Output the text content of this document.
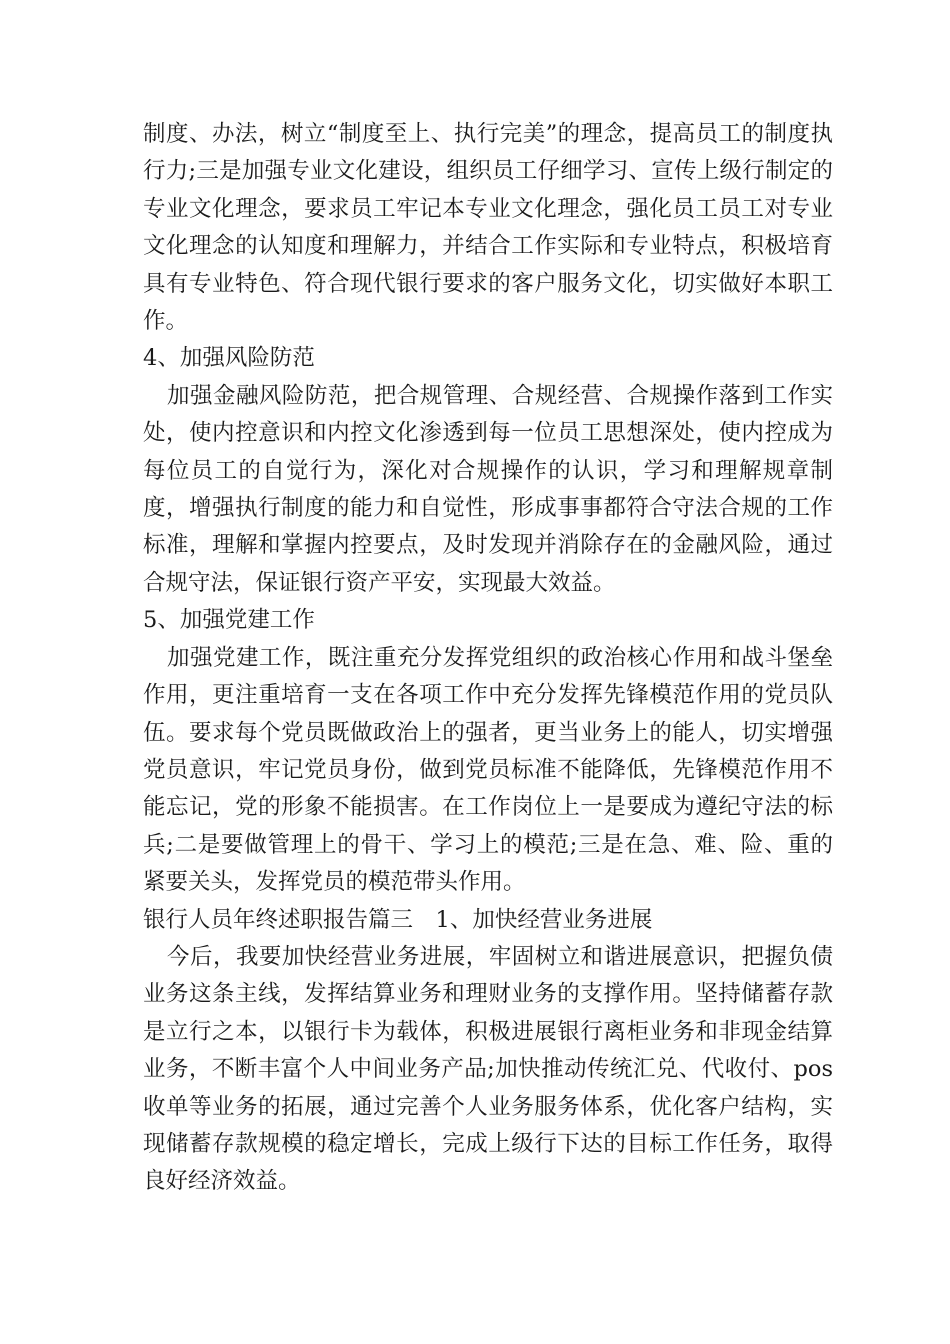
制度、办法，树立“制度至上、执行完美”的理念，提高员工的制度执行力;三是加强专业文化建设，组织员工仔细学习、宣传上级行制定的专业文化理念，要求员工牢记本专业文化理念，强化员工员工对专业文化理念的认知度和理解力，并结合工作实际和专业特点，积极培育具有专业特色、符合现代银行要求的客户服务文化，切实做好本职工作。

4、加强风险防范

加强金融风险防范，把合规管理、合规经营、合规操作落到工作实处，使内控意识和内控文化渗透到每一位员工思想深处，使内控成为每位员工的自觉行为，深化对合规操作的认识，学习和理解规章制度，增强执行制度的能力和自觉性，形成事事都符合守法合规的工作标准，理解和掌握内控要点，及时发现并消除存在的金融风险，通过合规守法，保证银行资产平安，实现最大效益。

5、加强党建工作

加强党建工作，既注重充分发挥党组织的政治核心作用和战斗堡垒作用，更注重培育一支在各项工作中充分发挥先锋模范作用的党员队伍。要求每个党员既做政治上的强者，更当业务上的能人，切实增强党员意识，牢记党员身份，做到党员标准不能降低，先锋模范作用不能忘记，党的形象不能损害。在工作岗位上一是要成为遵纪守法的标兵;二是要做管理上的骨干、学习上的模范;三是在急、难、险、重的紧要关头，发挥党员的模范带头作用。

银行人员年终述职报告篇三　1、加快经营业务进展

今后，我要加快经营业务进展，牢固树立和谐进展意识，把握负债业务这条主线，发挥结算业务和理财业务的支撑作用。坚持储蓄存款是立行之本，以银行卡为载体，积极进展银行离柜业务和非现金结算业务，不断丰富个人中间业务产品;加快推动传统汇兑、代收付、pos收单等业务的拓展，通过完善个人业务服务体系，优化客户结构，实现储蓄存款规模的稳定增长，完成上级行下达的目标工作任务，取得良好经济效益。
